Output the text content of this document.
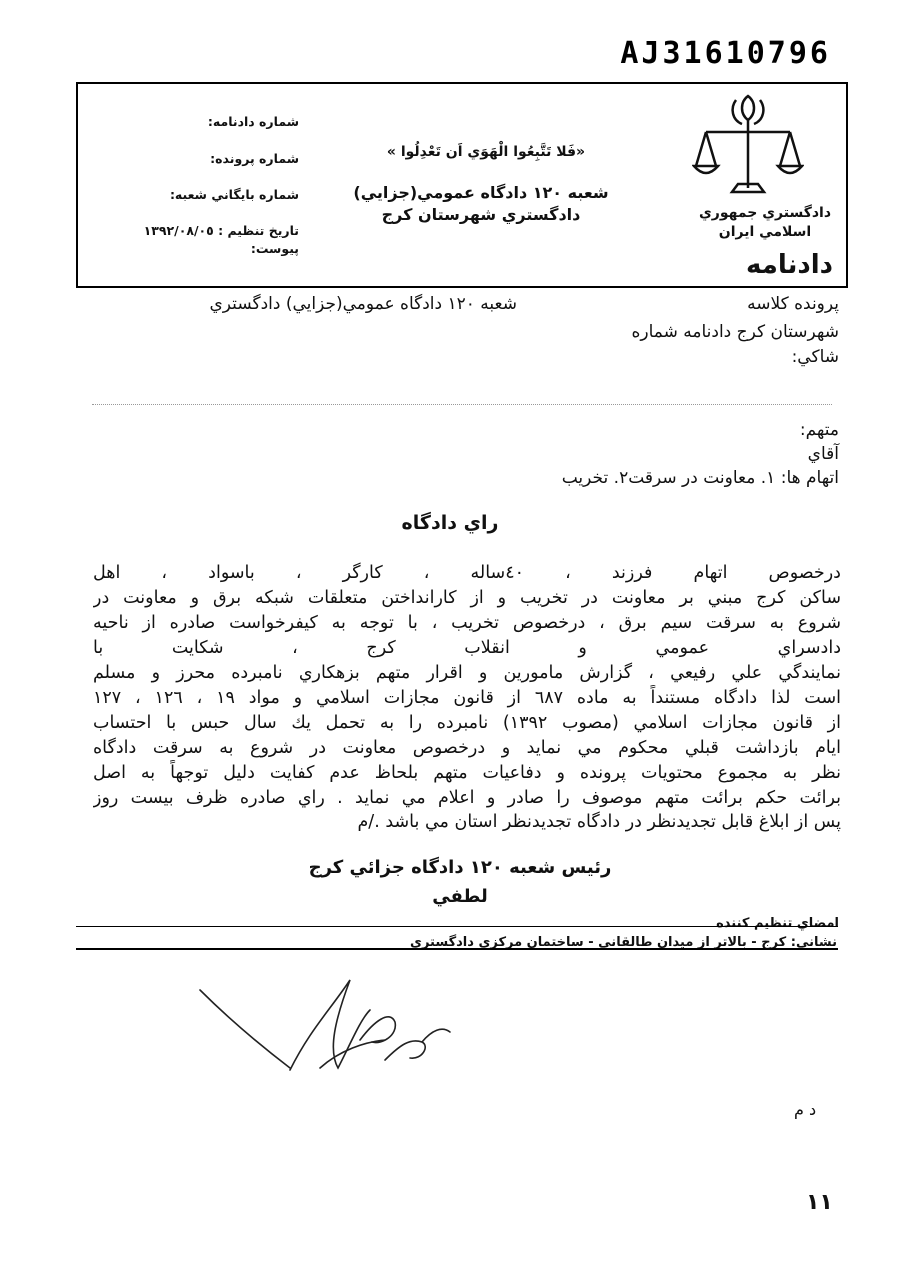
AJ31610796
دادگستري جمهوري اسلامي ايران
دادنامه
«فَلا تَتَّبِعُوا الْهَوَي اَن تَعْدِلُوا »
شعبه ١٢٠ دادگاه عمومي(جزايي)
دادگستري شهرستان كرج
شماره دادنامه:
شماره پرونده:
شماره بايگاني شعبه:
تاريخ تنظيم : ١٣٩٢/٠٨/٠٥
پيوست:
پرونده كلاسه
شعبه ١٢٠ دادگاه عمومي(جزايي) دادگستري
شهرستان كرج دادنامه شماره
شاكي:
متهم:
آقاي
اتهام ها: ١. معاونت در سرقت٢. تخريب
راي دادگاه
درخصوص اتهام فرزند ، ٤٠ساله ، كارگر ، باسواد ، اهل
ساكن كرج مبني بر معاونت در تخريب و از كارانداختن متعلقات شبكه برق و معاونت در
شروع به سرقت سيم برق ، درخصوص تخريب ، با توجه به كيفرخواست صادره از ناحيه
دادسراي عمومي و انقلاب كرج ، شكايت با
نمايندگي علي رفيعي ، گزارش مامورين و اقرار متهم بزهكاري نامبرده محرز و مسلم
است لذا دادگاه مستنداً به ماده ٦٨٧ از قانون مجازات اسلامي و مواد ١٩ ، ١٢٦ ، ١٢٧
از قانون مجازات اسلامي (مصوب ١٣٩٢) نامبرده را به تحمل يك سال حبس با احتساب
ايام بازداشت قبلي محكوم مي نمايد و درخصوص معاونت در شروع به سرقت دادگاه
نظر به مجموع محتويات پرونده و دفاعيات متهم بلحاظ عدم كفايت دليل توجهاً به اصل
برائت حكم برائت متهم موصوف را صادر و اعلام مي نمايد . راي صادره ظرف بيست روز
پس از ابلاغ قابل تجديدنظر در دادگاه تجديدنظر استان مي باشد ./م
رئيس شعبه ١٢٠ دادگاه جزائي كرج
لطفي
امضاي تنظيم كننده
نشاني: كرج - بالاتر از ميدان طالقاني - ساختمان مركزي دادگستري
د م
١١
